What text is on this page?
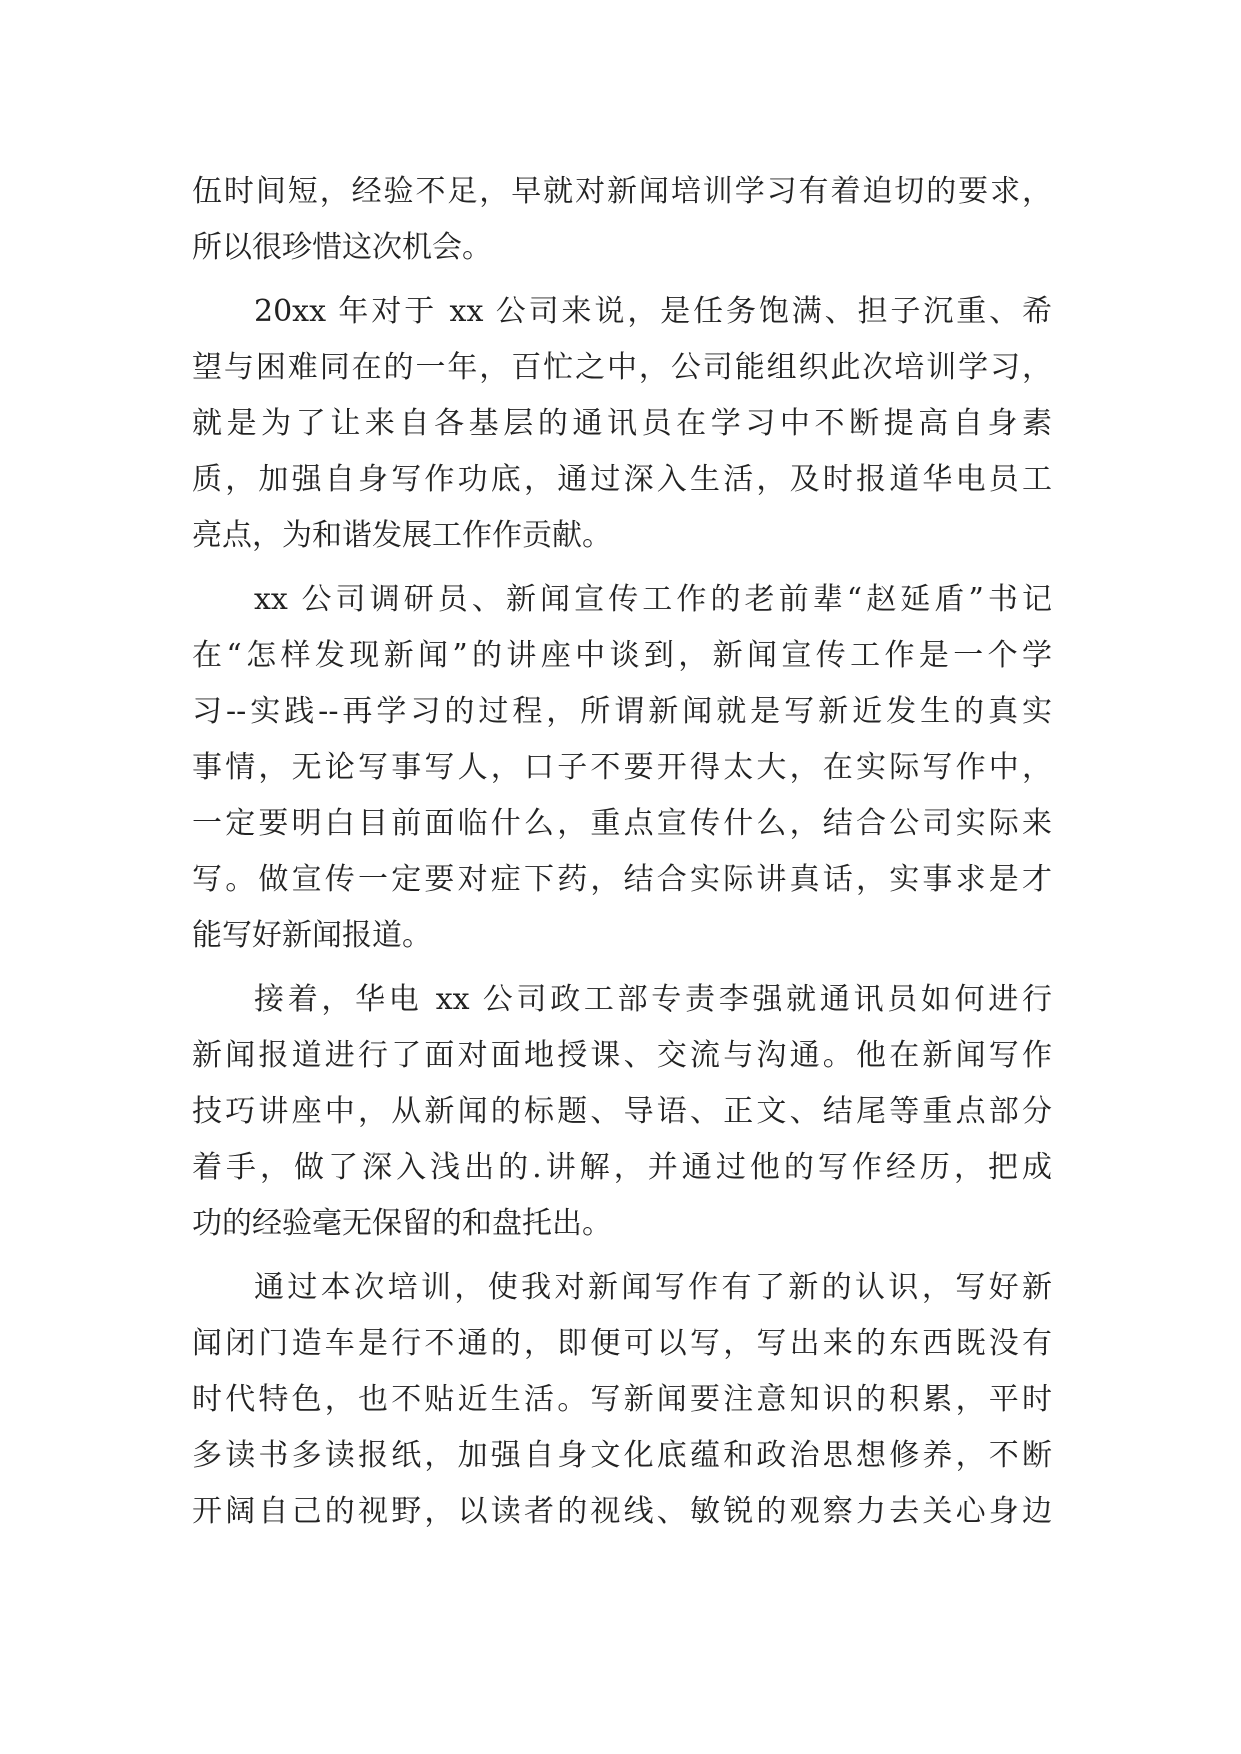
伍时间短，经验不足，早就对新闻培训学习有着迫切的要求，
所以很珍惜这次机会。
20xx 年对于 xx 公司来说，是任务饱满、担子沉重、希
望与困难同在的一年，百忙之中，公司能组织此次培训学习，
就是为了让来自各基层的通讯员在学习中不断提高自身素
质，加强自身写作功底，通过深入生活，及时报道华电员工
亮点，为和谐发展工作作贡献。
xx 公司调研员、新闻宣传工作的老前辈“赵延盾”书记
在“怎样发现新闻”的讲座中谈到，新闻宣传工作是一个学
习--实践--再学习的过程，所谓新闻就是写新近发生的真实
事情，无论写事写人，口子不要开得太大，在实际写作中，
一定要明白目前面临什么，重点宣传什么，结合公司实际来
写。做宣传一定要对症下药，结合实际讲真话，实事求是才
能写好新闻报道。
接着，华电 xx 公司政工部专责李强就通讯员如何进行
新闻报道进行了面对面地授课、交流与沟通。他在新闻写作
技巧讲座中，从新闻的标题、导语、正文、结尾等重点部分
着手，做了深入浅出的.讲解，并通过他的写作经历，把成
功的经验毫无保留的和盘托出。
通过本次培训，使我对新闻写作有了新的认识，写好新
闻闭门造车是行不通的，即便可以写，写出来的东西既没有
时代特色，也不贴近生活。写新闻要注意知识的积累，平时
多读书多读报纸，加强自身文化底蕴和政治思想修养，不断
开阔自己的视野，以读者的视线、敏锐的观察力去关心身边
